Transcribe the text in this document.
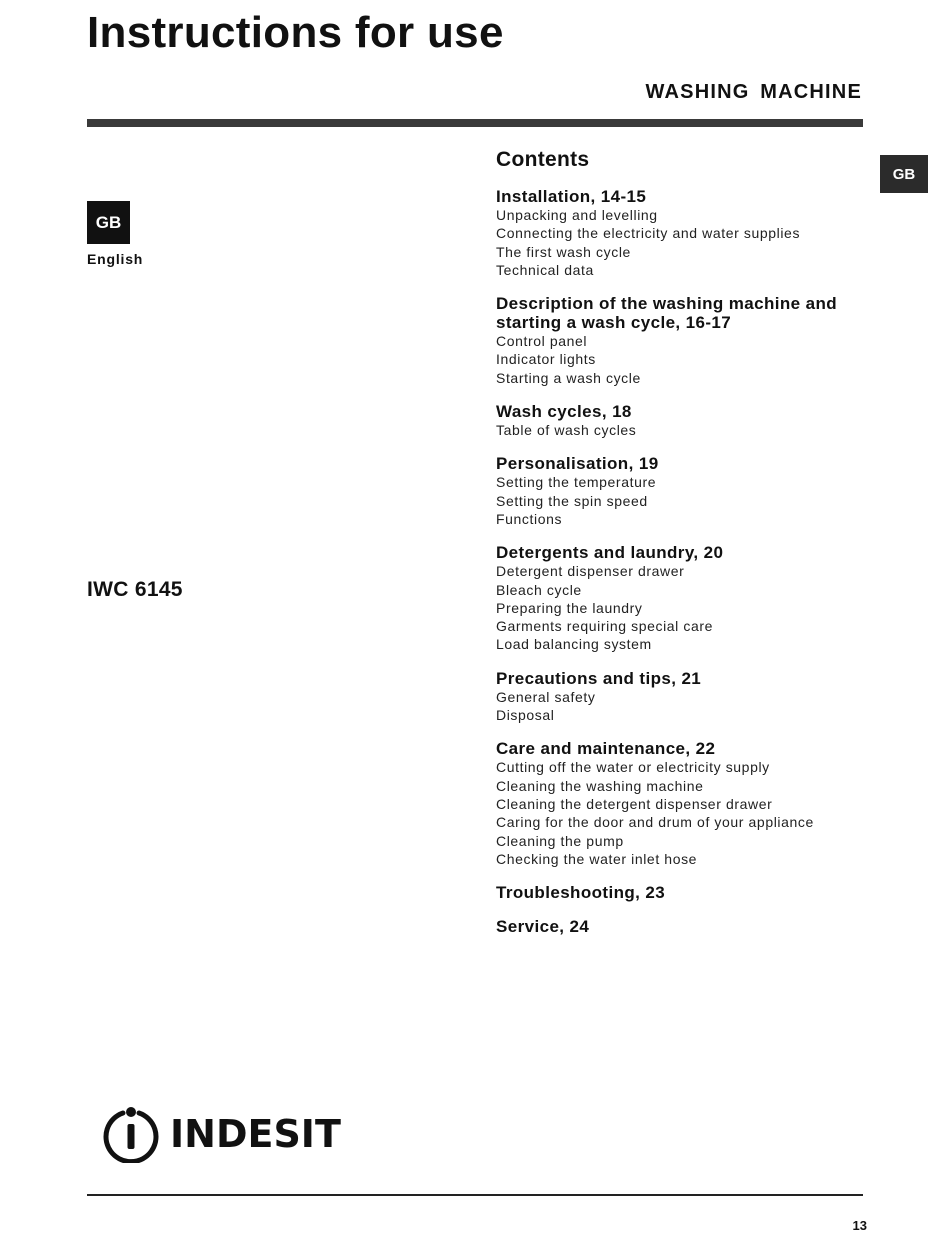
Instructions for use
WASHING MACHINE
GB
GB
English
IWC 6145
Contents
Installation, 14-15
Unpacking and levelling
Connecting the electricity and water supplies
The first wash cycle
Technical data
Description of the washing machine and starting a wash cycle, 16-17
Control panel
Indicator lights
Starting a wash cycle
Wash cycles, 18
Table of wash cycles
Personalisation, 19
Setting the temperature
Setting the spin speed
Functions
Detergents and laundry, 20
Detergent dispenser drawer
Bleach cycle
Preparing the laundry
Garments requiring special care
Load balancing system
Precautions and tips, 21
General safety
Disposal
Care and maintenance, 22
Cutting off the water or electricity supply
Cleaning the washing machine
Cleaning the detergent dispenser drawer
Caring for the door and drum of your appliance
Cleaning the pump
Checking the water inlet hose
Troubleshooting, 23
Service, 24
INDESIT
13
